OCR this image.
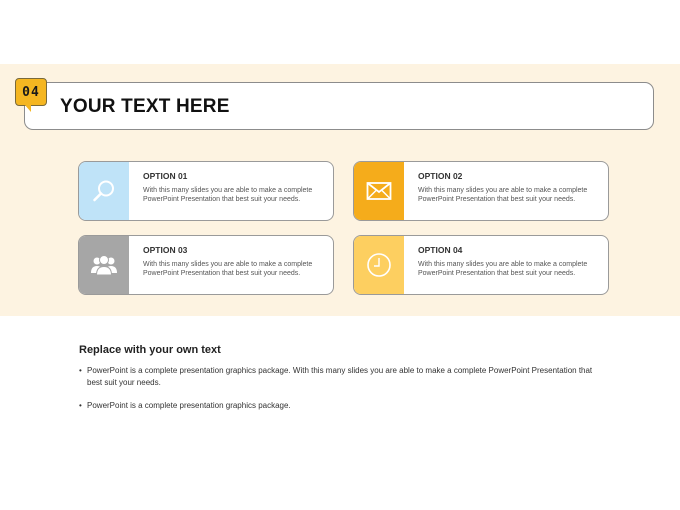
YOUR TEXT HERE
04
OPTION 01
With this many slides you are able to make a complete PowerPoint Presentation that best suit your needs.
OPTION 02
With this many slides you are able to make a complete PowerPoint Presentation that best suit your needs.
OPTION 03
With this many slides you are able to make a complete PowerPoint Presentation that best suit your needs.
OPTION 04
With this many slides you are able to make a complete PowerPoint Presentation that best suit your needs.
Replace with your own text
• PowerPoint is a complete presentation graphics package. With this many slides you are able to make a complete PowerPoint Presentation that best suit your needs.
• PowerPoint is a complete presentation graphics package.
